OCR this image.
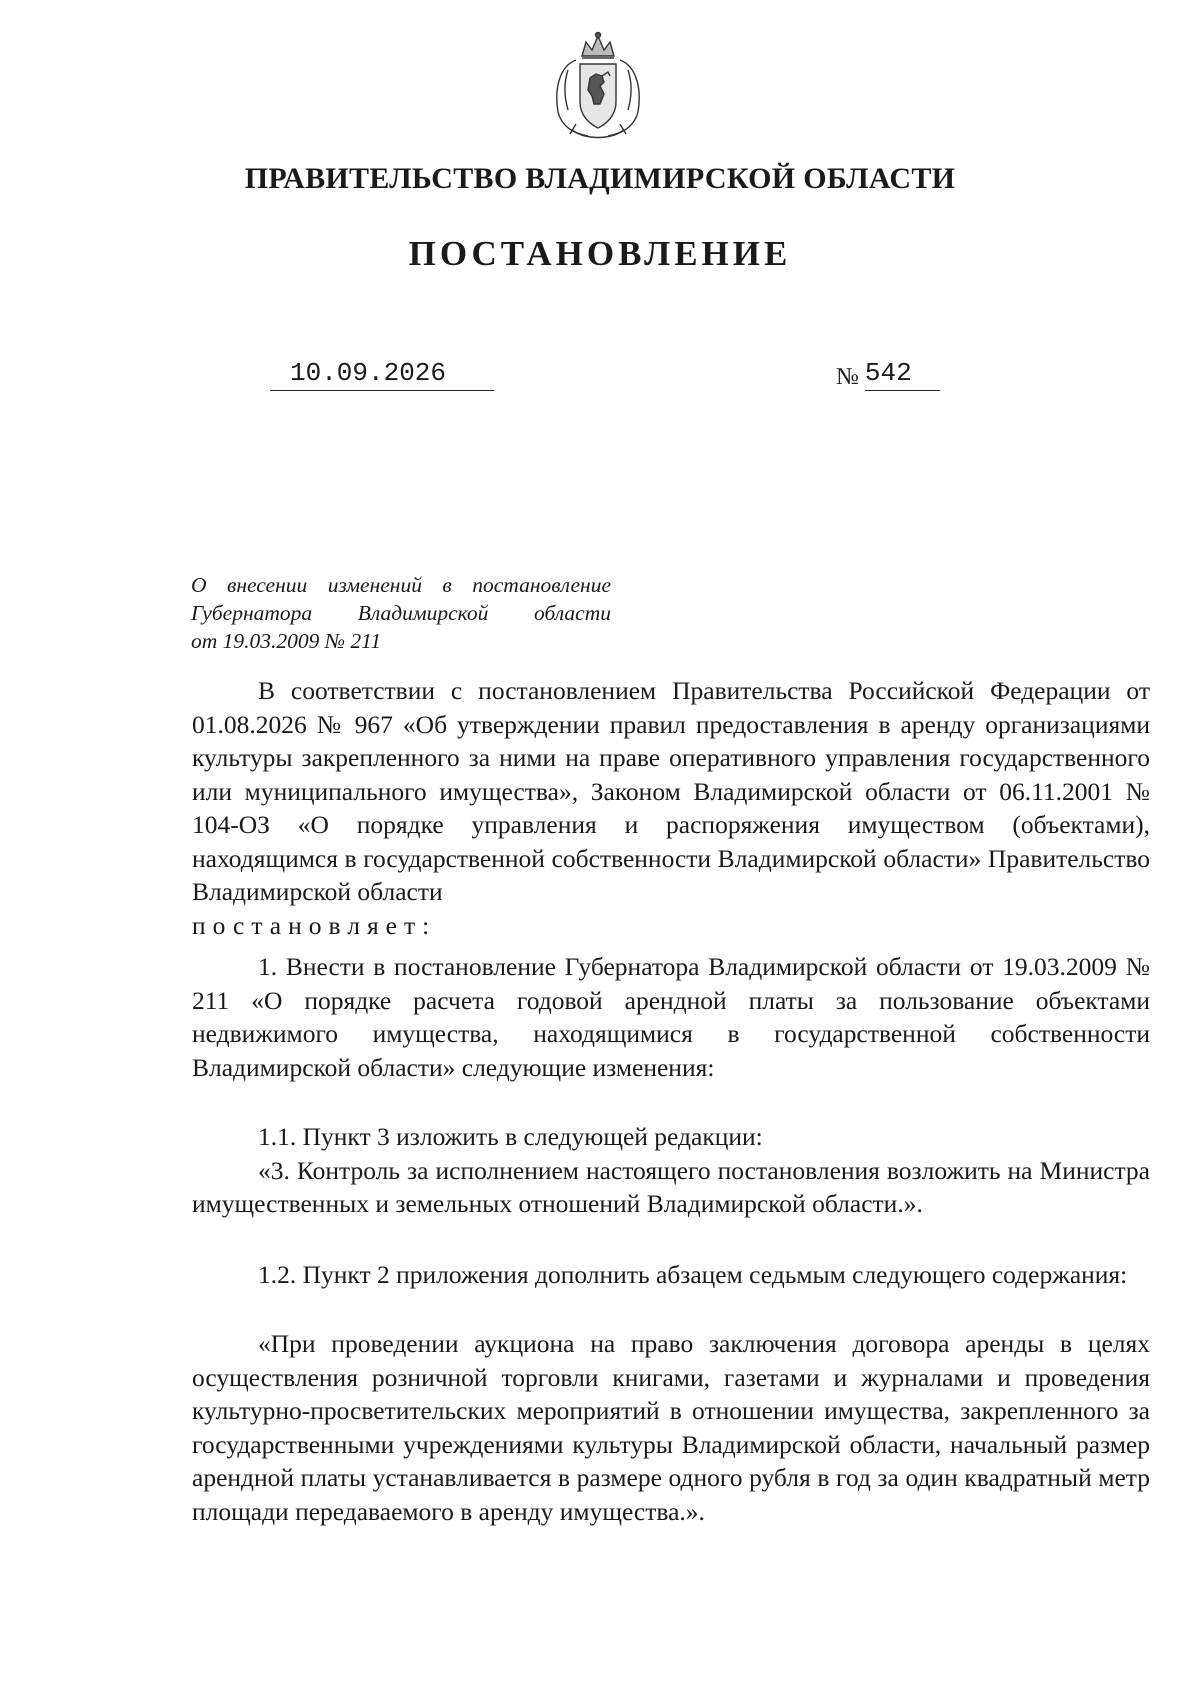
ПРАВИТЕЛЬСТВО ВЛАДИМИРСКОЙ ОБЛАСТИ
ПОСТАНОВЛЕНИЕ
10.09.2026	№ 542
О внесении изменений в постановление
Губернатора Владимирской области
от 19.03.2009 № 211
В соответствии с постановлением Правительства Российской Федерации от 01.08.2026 № 967 «Об утверждении правил предоставления в аренду организациями культуры закрепленного за ними на праве оперативного управления государственного или муниципального имущества», Законом Владимирской области от 06.11.2001 № 104-ОЗ «О порядке управления и распоряжения имуществом (объектами), находящимся в государственной собственности Владимирской области» Правительство Владимирской области
постановляет:
1. Внести в постановление Губернатора Владимирской области от 19.03.2009 № 211 «О порядке расчета годовой арендной платы за пользование объектами недвижимого имущества, находящимися в государственной собственности Владимирской области» следующие изменения:
1.1. Пункт 3 изложить в следующей редакции:
«3. Контроль за исполнением настоящего постановления возложить на Министра имущественных и земельных отношений Владимирской области.».
1.2. Пункт 2 приложения дополнить абзацем седьмым следующего содержания:
«При проведении аукциона на право заключения договора аренды в целях осуществления розничной торговли книгами, газетами и журналами и проведения культурно-просветительских мероприятий в отношении имущества, закрепленного за государственными учреждениями культуры Владимирской области, начальный размер арендной платы устанавливается в размере одного рубля в год за один квадратный метр площади передаваемого в аренду имущества.».
